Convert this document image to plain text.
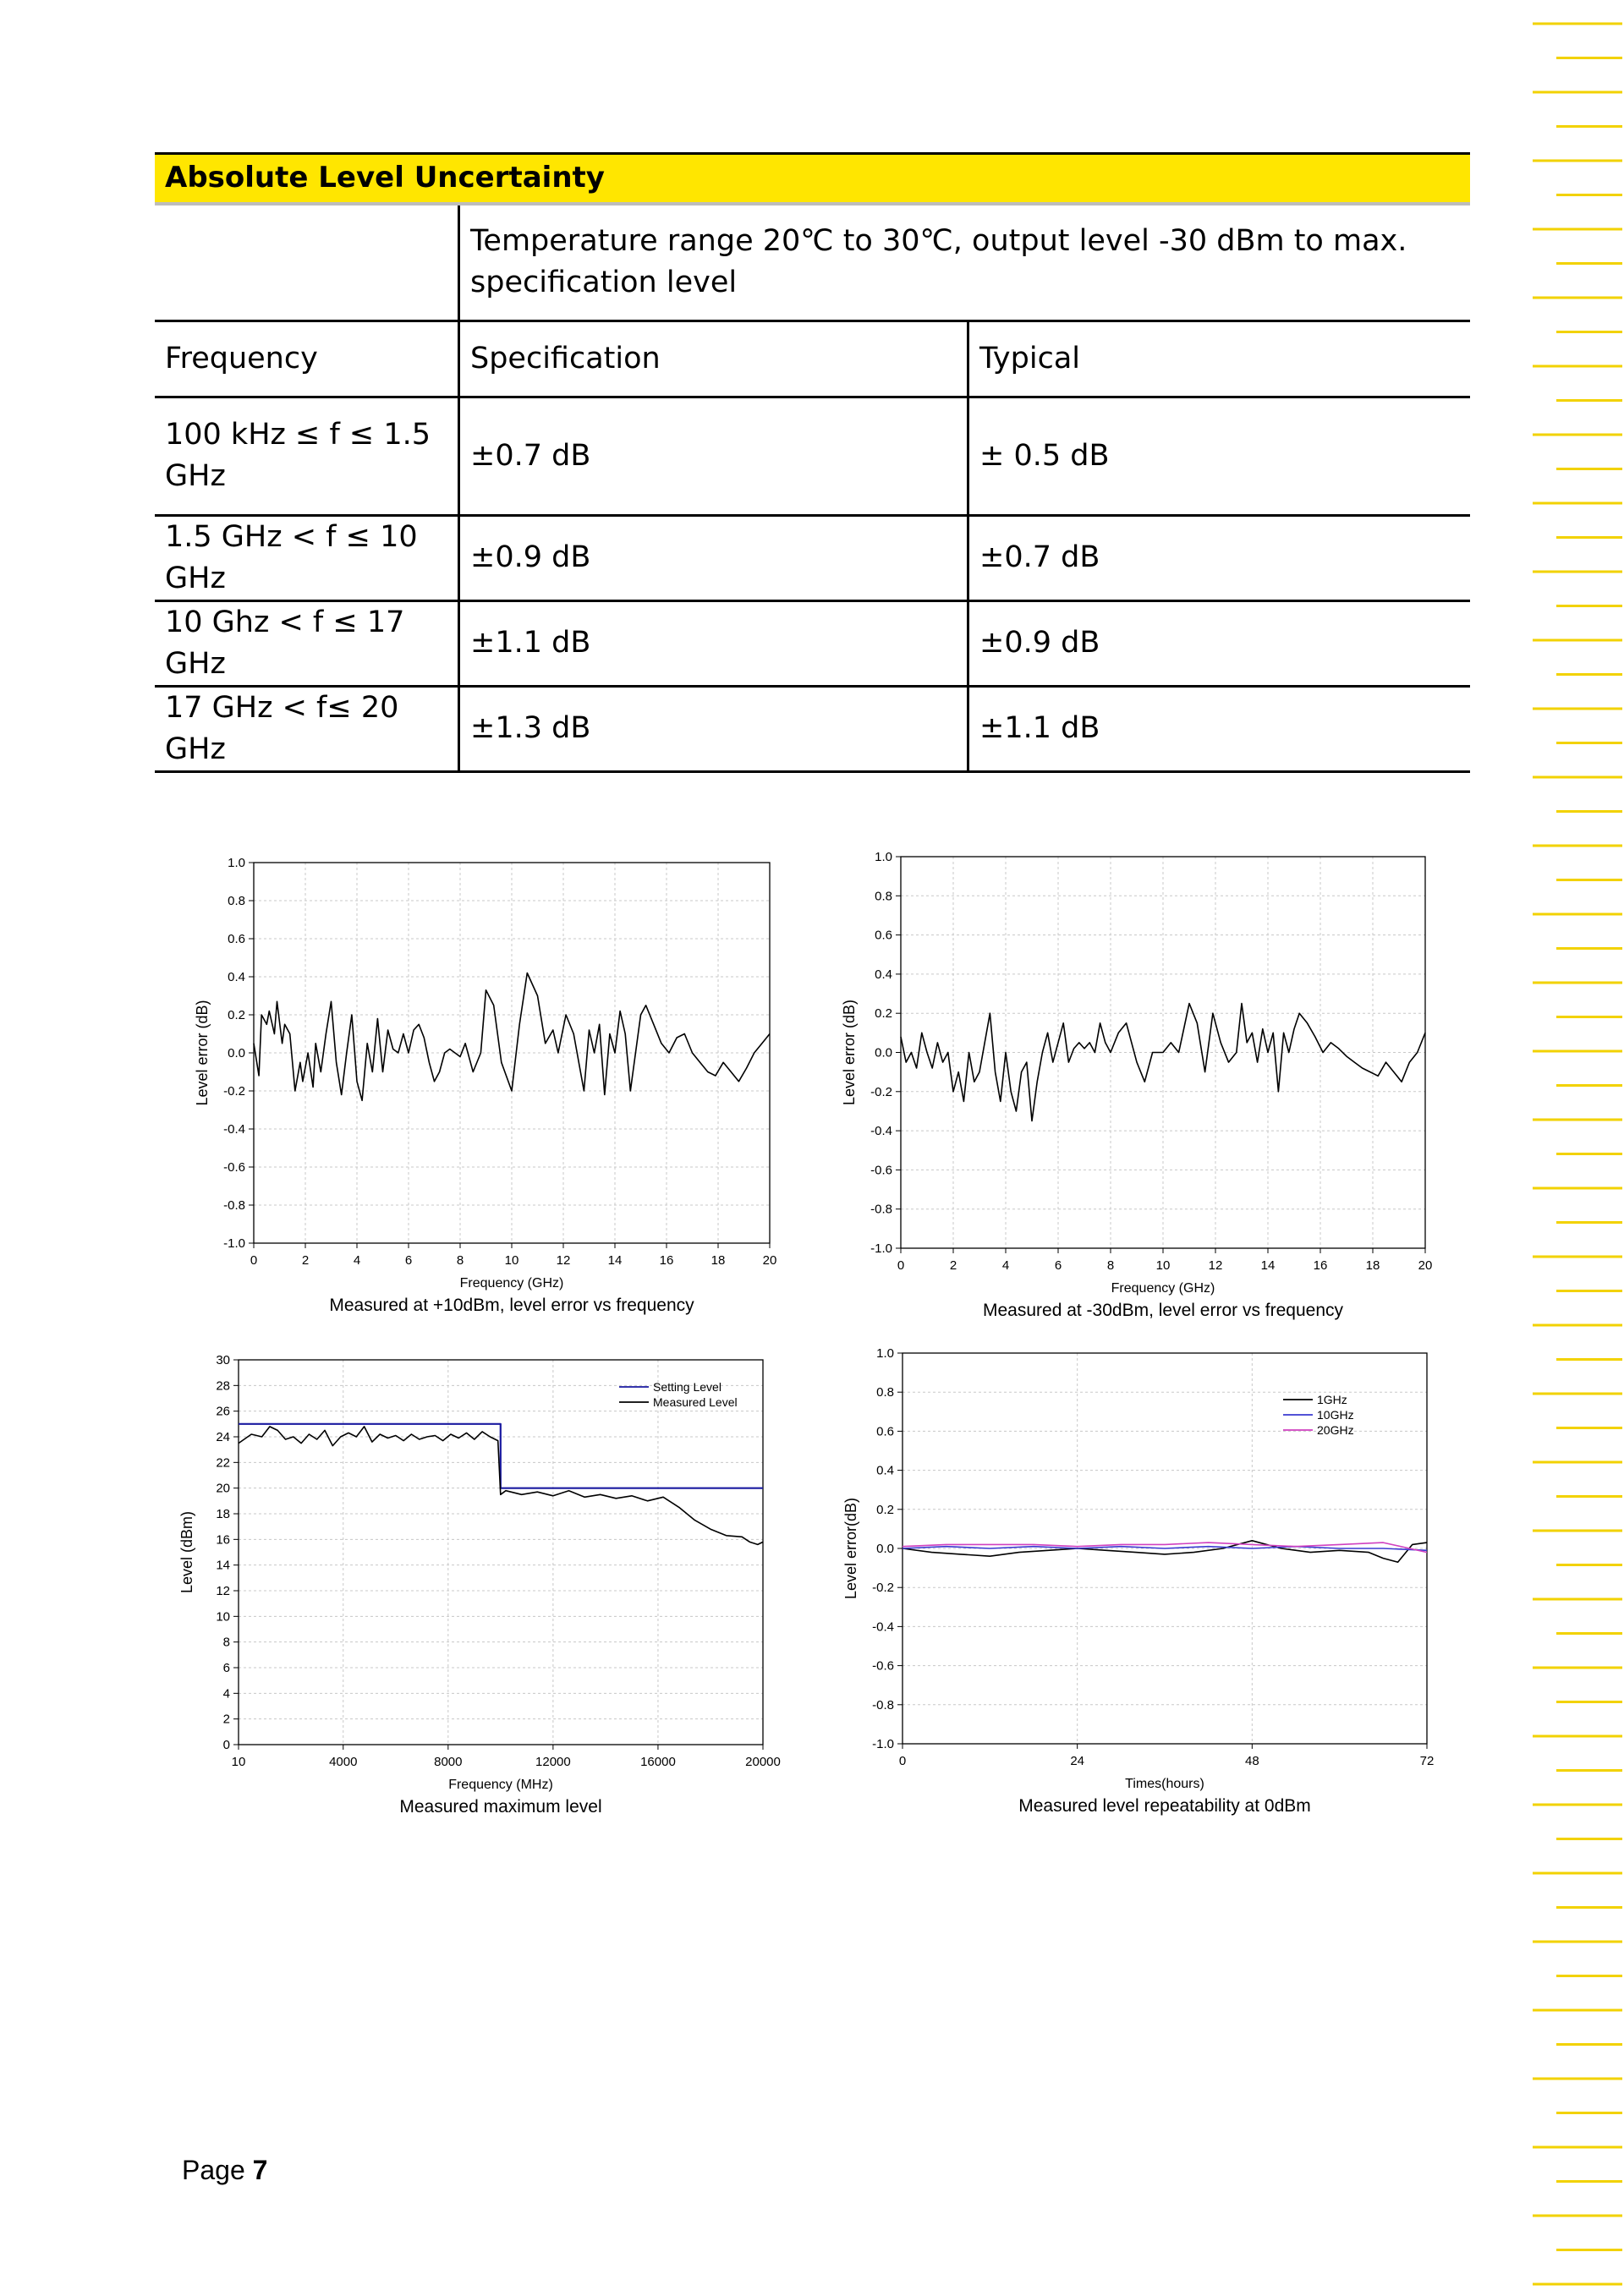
Absolute Level Uncertainty		
	Temperature range 20℃ to 30℃, output level -30 dBm to max. specification level	
Frequency	Specification	Typical
100 kHz ≤ f ≤ 1.5 GHz	±0.7 dB	± 0.5 dB
1.5 GHz < f ≤ 10 GHz	±0.9 dB	±0.7 dB
10 Ghz < f ≤ 17 GHz	±1.1 dB	±0.9 dB
17 GHz < f≤ 20 GHz	±1.3 dB	±1.1 dB
-1.0
-0.8
-0.6
-0.4
-0.2
0.0
0.2
0.4
0.6
0.8
1.0
0	2	4	6	8	10	12	14	16	18	20
Frequency (GHz)
Level error (dB)
Measured at +10dBm, level error vs frequency
-1.0
-0.8
-0.6
-0.4
-0.2
0.0
0.2
0.4
0.6
0.8
1.0
0	2	4	6	8	10	12	14	16	18	20
Frequency (GHz)
Level error (dB)
Measured at -30dBm, level error vs frequency
0
2
4
6
8
10
12
14
16
18
20
22
24
26
28
30
10	4000	8000	12000	16000	20000
Frequency (MHz)
Level (dBm)
Measured maximum level
Setting Level
Measured Level
-1.0
-0.8
-0.6
-0.4
-0.2
0.0
0.2
0.4
0.6
0.8
1.0
0	24	48	72
Times(hours)
Level error(dB)
Measured level repeatability at 0dBm
1GHz
10GHz
20GHz
Page 7
